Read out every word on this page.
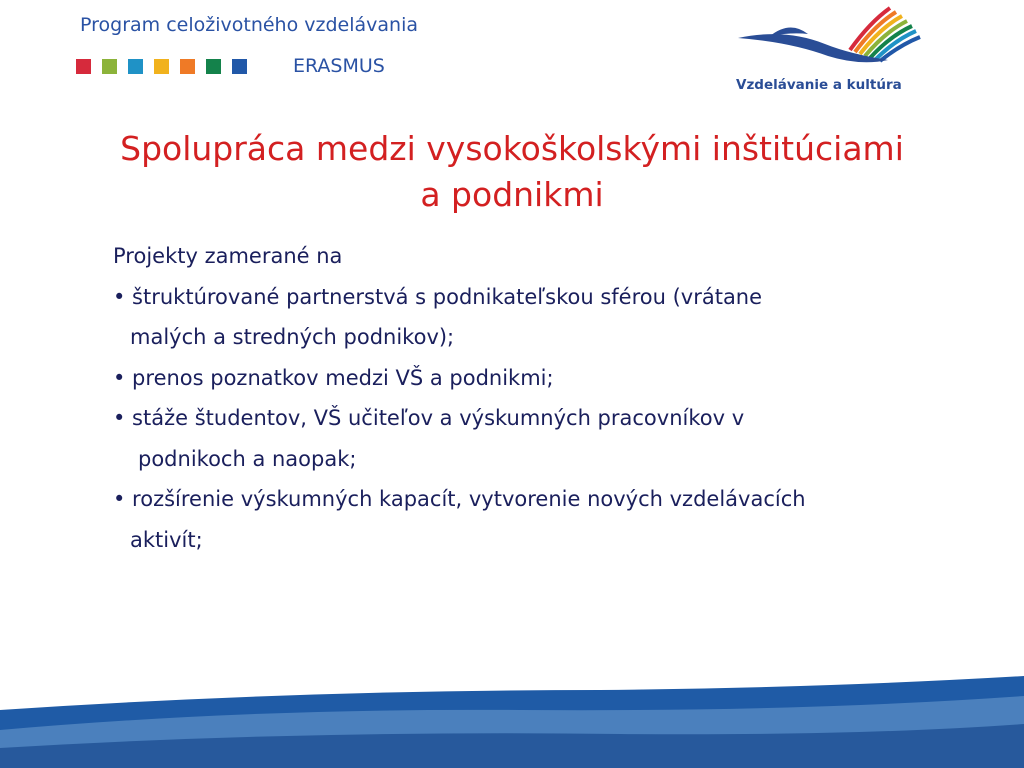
Program celoživotného vzdelávania
ERASMUS
Vzdelávanie a kultúra
Spolupráca medzi vysokoškolskými inštitúciami
a podnikmi
Projekty zamerané na
• štruktúrované partnerstvá s podnikateľskou sférou (vrátane
malých a stredných podnikov);
• prenos poznatkov medzi VŠ a podnikmi;
• stáže študentov, VŠ učiteľov a výskumných pracovníkov v
podnikoch a naopak;
• rozšírenie výskumných kapacít, vytvorenie nových vzdelávacích
aktivít;
